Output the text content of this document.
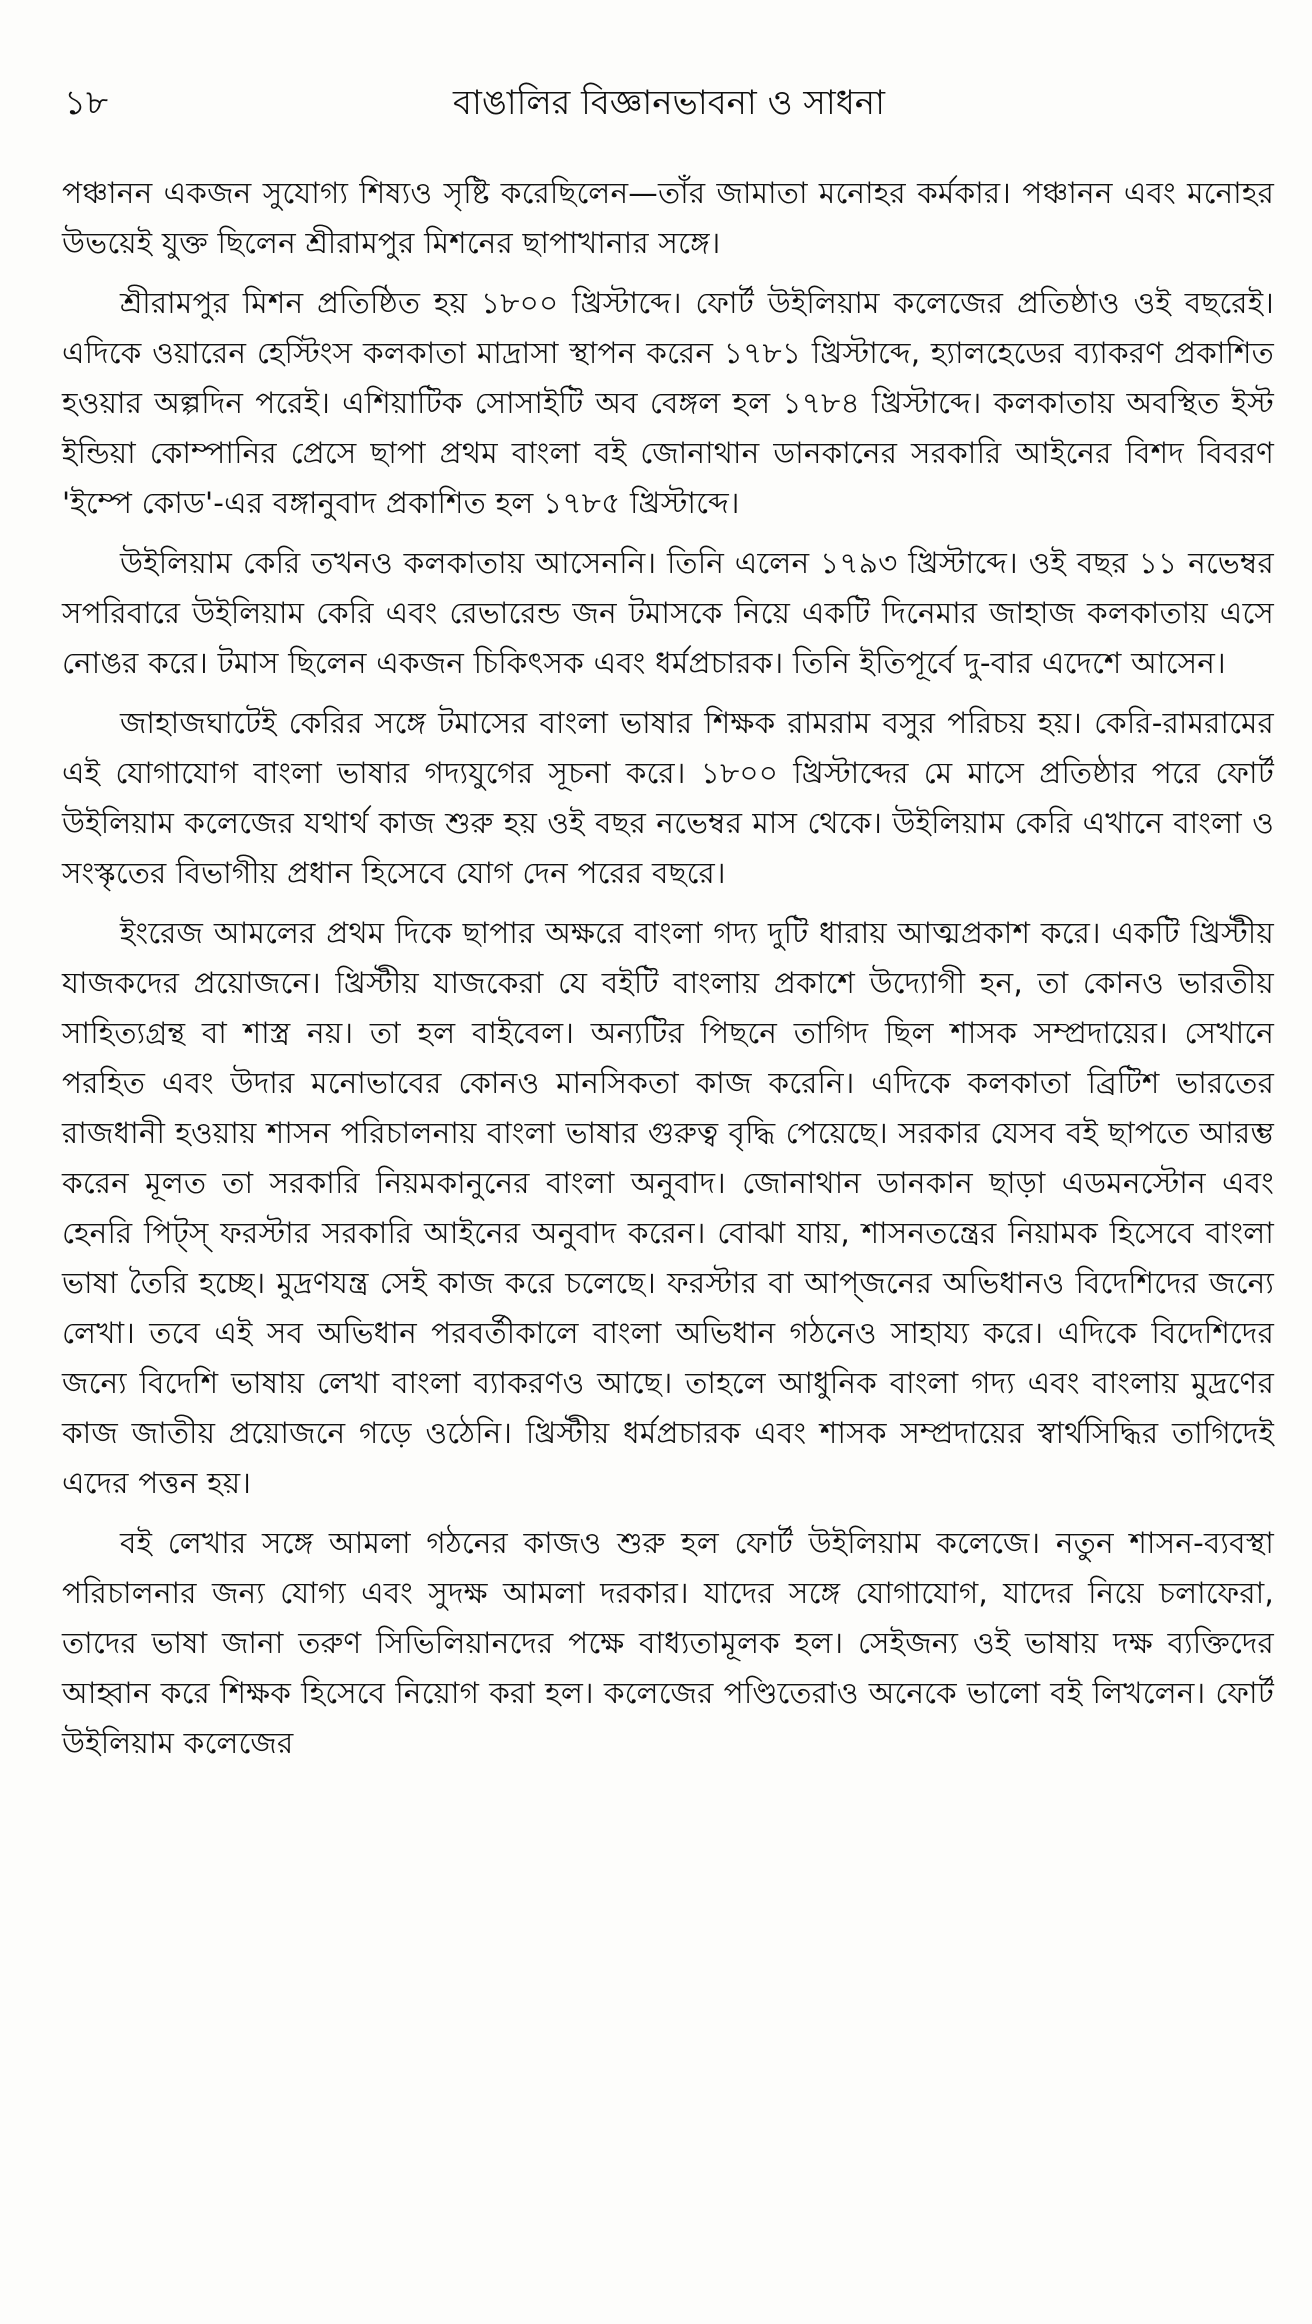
১৮	বাঙালির বিজ্ঞানভাবনা ও সাধনা

পঞ্চানন একজন সুযোগ্য শিষ্যও সৃষ্টি করেছিলেন—তাঁর জামাতা মনোহর কর্মকার। পঞ্চানন এবং মনোহর উভয়েই যুক্ত ছিলেন শ্রীরামপুর মিশনের ছাপাখানার সঙ্গে।

শ্রীরামপুর মিশন প্রতিষ্ঠিত হয় ১৮০০ খ্রিস্টাব্দে। ফোর্ট উইলিয়াম কলেজের প্রতিষ্ঠাও ওই বছরেই। এদিকে ওয়ারেন হেস্টিংস কলকাতা মাদ্রাসা স্থাপন করেন ১৭৮১ খ্রিস্টাব্দে, হ্যালহেডের ব্যাকরণ প্রকাশিত হওয়ার অল্পদিন পরেই। এশিয়াটিক সোসাইটি অব বেঙ্গল হল ১৭৮৪ খ্রিস্টাব্দে। কলকাতায় অবস্থিত ইস্ট ইন্ডিয়া কোম্পানির প্রেসে ছাপা প্রথম বাংলা বই জোনাথান ডানকানের সরকারি আইনের বিশদ বিবরণ 'ইম্পে কোড'-এর বঙ্গানুবাদ প্রকাশিত হল ১৭৮৫ খ্রিস্টাব্দে।

উইলিয়াম কেরি তখনও কলকাতায় আসেননি। তিনি এলেন ১৭৯৩ খ্রিস্টাব্দে। ওই বছর ১১ নভেম্বর সপরিবারে উইলিয়াম কেরি এবং রেভারেন্ড জন টমাসকে নিয়ে একটি দিনেমার জাহাজ কলকাতায় এসে নোঙর করে। টমাস ছিলেন একজন চিকিৎসক এবং ধর্মপ্রচারক। তিনি ইতিপূর্বে দু-বার এদেশে আসেন।

জাহাজঘাটেই কেরির সঙ্গে টমাসের বাংলা ভাষার শিক্ষক রামরাম বসুর পরিচয় হয়। কেরি-রামরামের এই যোগাযোগ বাংলা ভাষার গদ্যযুগের সূচনা করে। ১৮০০ খ্রিস্টাব্দের মে মাসে প্রতিষ্ঠার পরে ফোর্ট উইলিয়াম কলেজের যথার্থ কাজ শুরু হয় ওই বছর নভেম্বর মাস থেকে। উইলিয়াম কেরি এখানে বাংলা ও সংস্কৃতের বিভাগীয় প্রধান হিসেবে যোগ দেন পরের বছরে।

ইংরেজ আমলের প্রথম দিকে ছাপার অক্ষরে বাংলা গদ্য দুটি ধারায় আত্মপ্রকাশ করে। একটি খ্রিস্টীয় যাজকদের প্রয়োজনে। খ্রিস্টীয় যাজকেরা যে বইটি বাংলায় প্রকাশে উদ্যোগী হন, তা কোনও ভারতীয় সাহিত্যগ্রন্থ বা শাস্ত্র নয়। তা হল বাইবেল। অন্যটির পিছনে তাগিদ ছিল শাসক সম্প্রদায়ের। সেখানে পরহিত এবং উদার মনোভাবের কোনও মানসিকতা কাজ করেনি। এদিকে কলকাতা ব্রিটিশ ভারতের রাজধানী হওয়ায় শাসন পরিচালনায় বাংলা ভাষার গুরুত্ব বৃদ্ধি পেয়েছে। সরকার যেসব বই ছাপতে আরম্ভ করেন মূলত তা সরকারি নিয়মকানুনের বাংলা অনুবাদ। জোনাথান ডানকান ছাড়া এডমনস্টোন এবং হেনরি পিট্স্ ফরস্টার সরকারি আইনের অনুবাদ করেন। বোঝা যায়, শাসনতন্ত্রের নিয়ামক হিসেবে বাংলা ভাষা তৈরি হচ্ছে। মুদ্রণযন্ত্র সেই কাজ করে চলেছে। ফরস্টার বা আপ্জনের অভিধানও বিদেশিদের জন্যে লেখা। তবে এই সব অভিধান পরবর্তীকালে বাংলা অভিধান গঠনেও সাহায্য করে। এদিকে বিদেশিদের জন্যে বিদেশি ভাষায় লেখা বাংলা ব্যাকরণও আছে। তাহলে আধুনিক বাংলা গদ্য এবং বাংলায় মুদ্রণের কাজ জাতীয় প্রয়োজনে গড়ে ওঠেনি। খ্রিস্টীয় ধর্মপ্রচারক এবং শাসক সম্প্রদায়ের স্বার্থসিদ্ধির তাগিদেই এদের পত্তন হয়।

বই লেখার সঙ্গে আমলা গঠনের কাজও শুরু হল ফোর্ট উইলিয়াম কলেজে। নতুন শাসন-ব্যবস্থা পরিচালনার জন্য যোগ্য এবং সুদক্ষ আমলা দরকার। যাদের সঙ্গে যোগাযোগ, যাদের নিয়ে চলাফেরা, তাদের ভাষা জানা তরুণ সিভিলিয়ানদের পক্ষে বাধ্যতামূলক হল। সেইজন্য ওই ভাষায় দক্ষ ব্যক্তিদের আহ্বান করে শিক্ষক হিসেবে নিয়োগ করা হল। কলেজের পণ্ডিতেরাও অনেকে ভালো বই লিখলেন। ফোর্ট উইলিয়াম কলেজের
